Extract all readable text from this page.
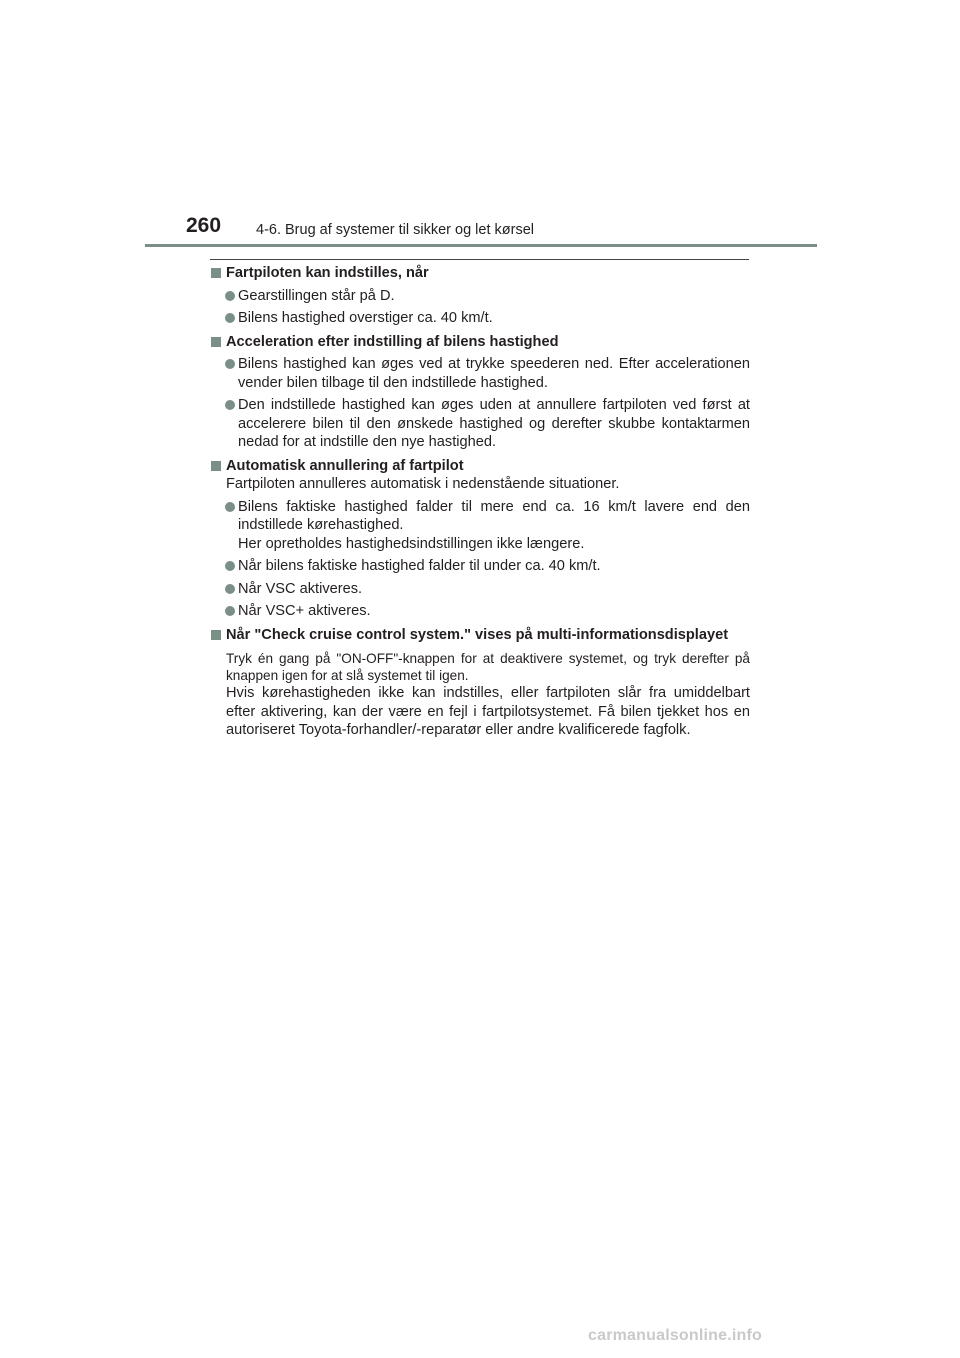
260 4-6. Brug af systemer til sikker og let kørsel
Fartpiloten kan indstilles, når
Gearstillingen står på D.
Bilens hastighed overstiger ca. 40 km/t.
Acceleration efter indstilling af bilens hastighed
Bilens hastighed kan øges ved at trykke speederen ned. Efter accelerationen vender bilen tilbage til den indstillede hastighed.
Den indstillede hastighed kan øges uden at annullere fartpiloten ved først at accelerere bilen til den ønskede hastighed og derefter skubbe kontaktarmen nedad for at indstille den nye hastighed.
Automatisk annullering af fartpilot
Fartpiloten annulleres automatisk i nedenstående situationer.
Bilens faktiske hastighed falder til mere end ca. 16 km/t lavere end den indstillede kørehastighed.
Her opretholdes hastighedsindstillingen ikke længere.
Når bilens faktiske hastighed falder til under ca. 40 km/t.
Når VSC aktiveres.
Når VSC+ aktiveres.
Når "Check cruise control system." vises på multi-informationsdisplayet
Tryk én gang på "ON-OFF"-knappen for at deaktivere systemet, og tryk derefter på knappen igen for at slå systemet til igen.
Hvis kørehastigheden ikke kan indstilles, eller fartpiloten slår fra umiddelbart efter aktivering, kan der være en fejl i fartpilotsystemet. Få bilen tjekket hos en autoriseret Toyota-forhandler/-reparatør eller andre kvalificerede fagfolk.
carmanualsonline.info
